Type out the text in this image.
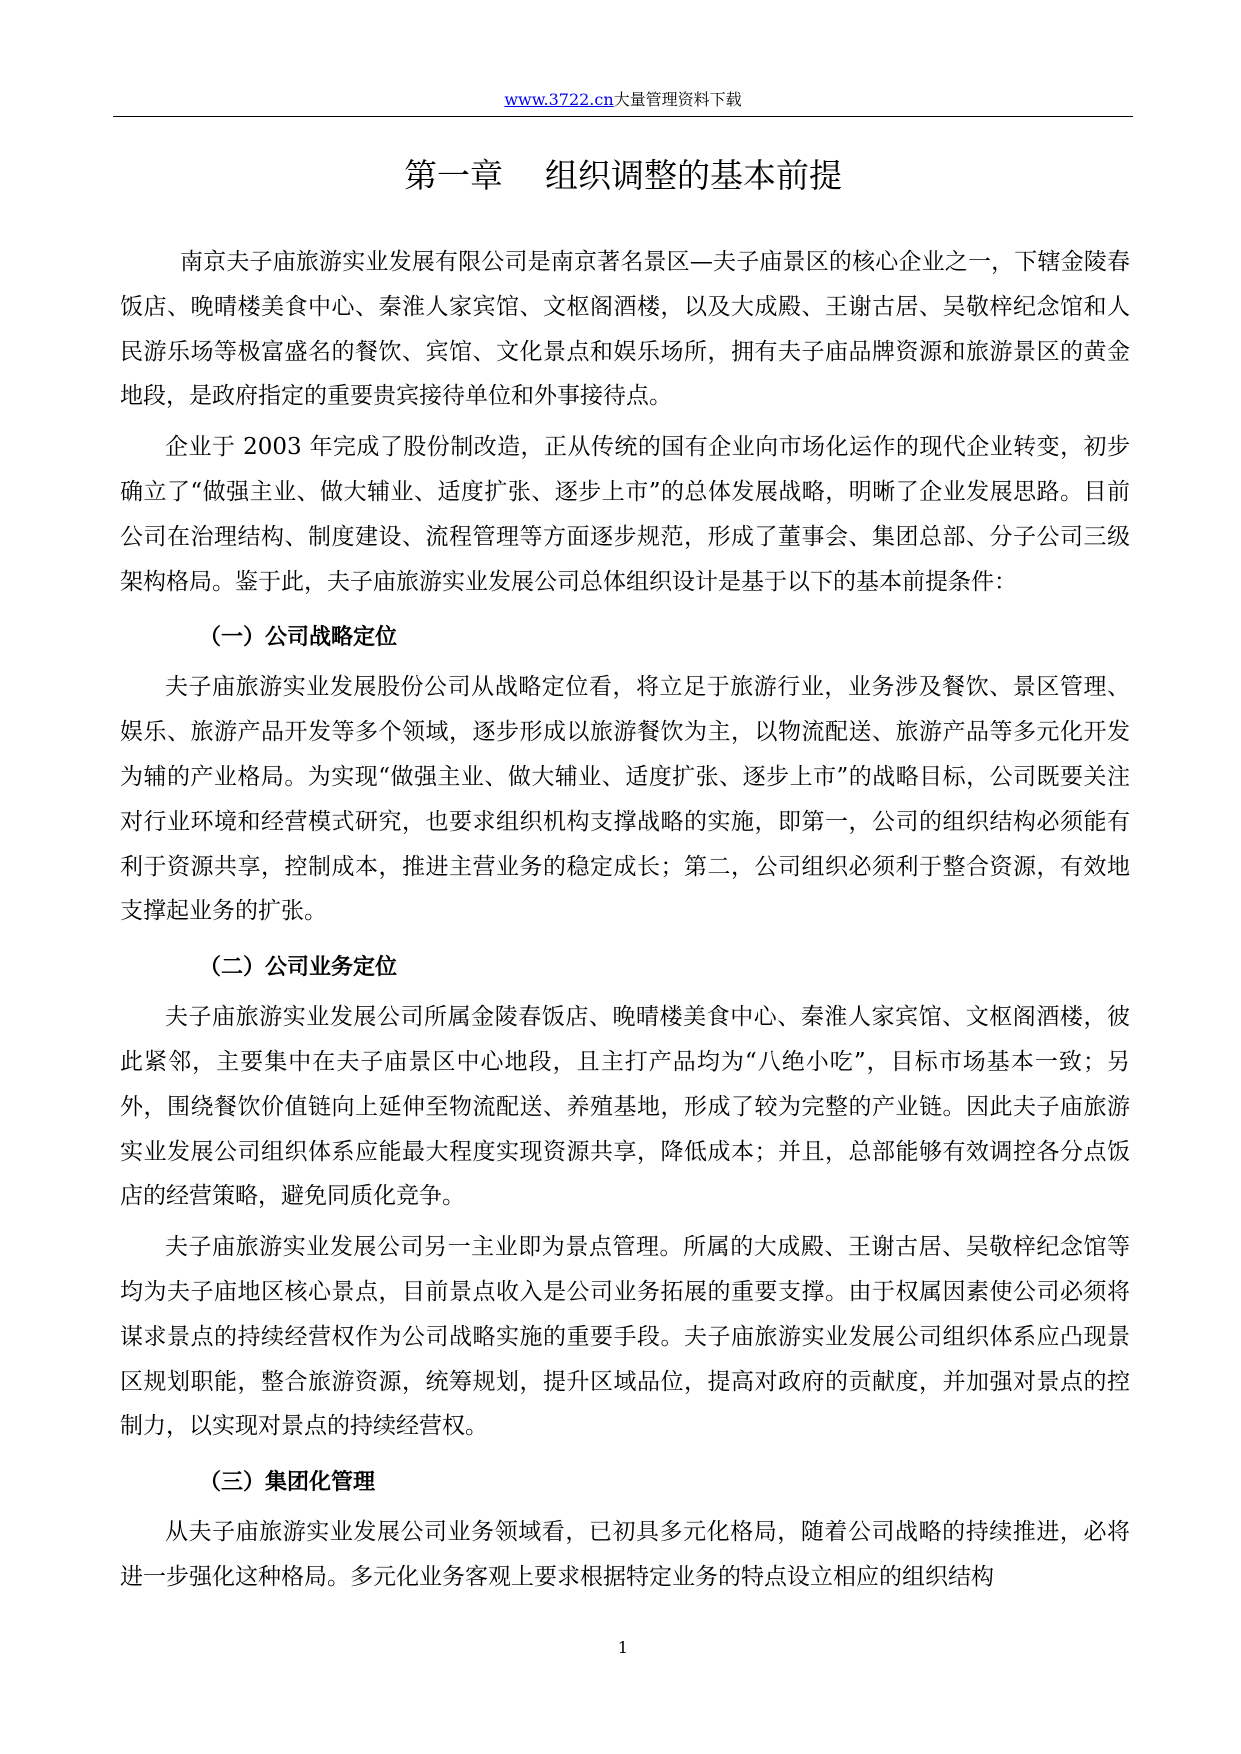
www.3722.cn大量管理资料下载
第一章    组织调整的基本前提

南京夫子庙旅游实业发展有限公司是南京著名景区—夫子庙景区的核心企业之一，下辖金陵春饭店、晚晴楼美食中心、秦淮人家宾馆、文枢阁酒楼，以及大成殿、王谢古居、吴敬梓纪念馆和人民游乐场等极富盛名的餐饮、宾馆、文化景点和娱乐场所，拥有夫子庙品牌资源和旅游景区的黄金地段，是政府指定的重要贵宾接待单位和外事接待点。

企业于 2003 年完成了股份制改造，正从传统的国有企业向市场化运作的现代企业转变，初步确立了“做强主业、做大辅业、适度扩张、逐步上市”的总体发展战略，明晰了企业发展思路。目前公司在治理结构、制度建设、流程管理等方面逐步规范，形成了董事会、集团总部、分子公司三级架构格局。鉴于此，夫子庙旅游实业发展公司总体组织设计是基于以下的基本前提条件：

（一）公司战略定位

夫子庙旅游实业发展股份公司从战略定位看，将立足于旅游行业，业务涉及餐饮、景区管理、娱乐、旅游产品开发等多个领域，逐步形成以旅游餐饮为主，以物流配送、旅游产品等多元化开发为辅的产业格局。为实现“做强主业、做大辅业、适度扩张、逐步上市”的战略目标，公司既要关注对行业环境和经营模式研究，也要求组织机构支撑战略的实施，即第一，公司的组织结构必须能有利于资源共享，控制成本，推进主营业务的稳定成长；第二，公司组织必须利于整合资源，有效地支撑起业务的扩张。

（二）公司业务定位

夫子庙旅游实业发展公司所属金陵春饭店、晚晴楼美食中心、秦淮人家宾馆、文枢阁酒楼，彼此紧邻，主要集中在夫子庙景区中心地段，且主打产品均为“八绝小吃”，目标市场基本一致；另外，围绕餐饮价值链向上延伸至物流配送、养殖基地，形成了较为完整的产业链。因此夫子庙旅游实业发展公司组织体系应能最大程度实现资源共享，降低成本；并且，总部能够有效调控各分点饭店的经营策略，避免同质化竞争。

夫子庙旅游实业发展公司另一主业即为景点管理。所属的大成殿、王谢古居、吴敬梓纪念馆等均为夫子庙地区核心景点，目前景点收入是公司业务拓展的重要支撑。由于权属因素使公司必须将谋求景点的持续经营权作为公司战略实施的重要手段。夫子庙旅游实业发展公司组织体系应凸现景区规划职能，整合旅游资源，统筹规划，提升区域品位，提高对政府的贡献度，并加强对景点的控制力，以实现对景点的持续经营权。

（三）集团化管理

从夫子庙旅游实业发展公司业务领域看，已初具多元化格局，随着公司战略的持续推进，必将进一步强化这种格局。多元化业务客观上要求根据特定业务的特点设立相应的组织结构

1
